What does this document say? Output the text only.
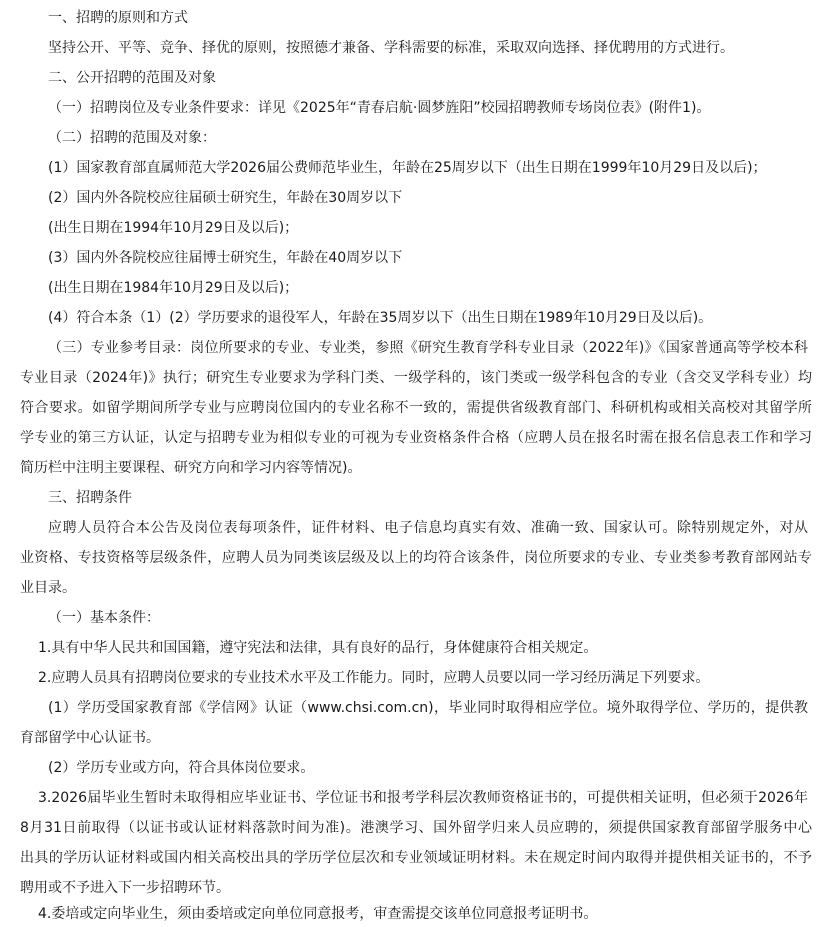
一、招聘的原则和方式
坚持公开、平等、竞争、择优的原则，按照德才兼备、学科需要的标准，采取双向选择、择优聘用的方式进行。
二、公开招聘的范围及对象
（一）招聘岗位及专业条件要求：详见《2025年“青春启航·圆梦旌阳”校园招聘教师专场岗位表》(附件1)。
（二）招聘的范围及对象：
(1）国家教育部直属师范大学2026届公费师范毕业生，年龄在25周岁以下（出生日期在1999年10月29日及以后)；
(2）国内外各院校应往届硕士研究生，年龄在30周岁以下
(出生日期在1994年10月29日及以后)；
(3）国内外各院校应往届博士研究生，年龄在40周岁以下
(出生日期在1984年10月29日及以后)；
(4）符合本条（1）(2）学历要求的退役军人，年龄在35周岁以下（出生日期在1989年10月29日及以后)。
（三）专业参考目录：岗位所要求的专业、专业类，参照《研究生教育学科专业目录（2022年)》《国家普通高等学校本科
专业目录（2024年)》执行；研究生专业要求为学科门类、一级学科的，该门类或一级学科包含的专业（含交叉学科专业）均
符合要求。如留学期间所学专业与应聘岗位国内的专业名称不一致的，需提供省级教育部门、科研机构或相关高校对其留学所
学专业的第三方认证，认定与招聘专业为相似专业的可视为专业资格条件合格（应聘人员在报名时需在报名信息表工作和学习
简历栏中注明主要课程、研究方向和学习内容等情况)。
三、招聘条件
应聘人员符合本公告及岗位表每项条件，证件材料、电子信息均真实有效、准确一致、国家认可。除特别规定外，对从
业资格、专技资格等层级条件，应聘人员为同类该层级及以上的均符合该条件，岗位所要求的专业、专业类参考教育部网站专
业目录。
（一）基本条件：
1.具有中华人民共和国国籍，遵守宪法和法律，具有良好的品行，身体健康符合相关规定。
2.应聘人员具有招聘岗位要求的专业技术水平及工作能力。同时，应聘人员要以同一学习经历满足下列要求。
(1）学历受国家教育部《学信网》认证（www.chsi.com.cn)，毕业同时取得相应学位。境外取得学位、学历的，提供教
育部留学中心认证书。
(2）学历专业或方向，符合具体岗位要求。
3.2026届毕业生暂时未取得相应毕业证书、学位证书和报考学科层次教师资格证书的，可提供相关证明，但必须于2026年
8月31日前取得（以证书或认证材料落款时间为准)。港澳学习、国外留学归来人员应聘的，须提供国家教育部留学服务中心
出具的学历认证材料或国内相关高校出具的学历学位层次和专业领域证明材料。未在规定时间内取得并提供相关证书的，不予
聘用或不予进入下一步招聘环节。
4.委培或定向毕业生，须由委培或定向单位同意报考，审查需提交该单位同意报考证明书。
